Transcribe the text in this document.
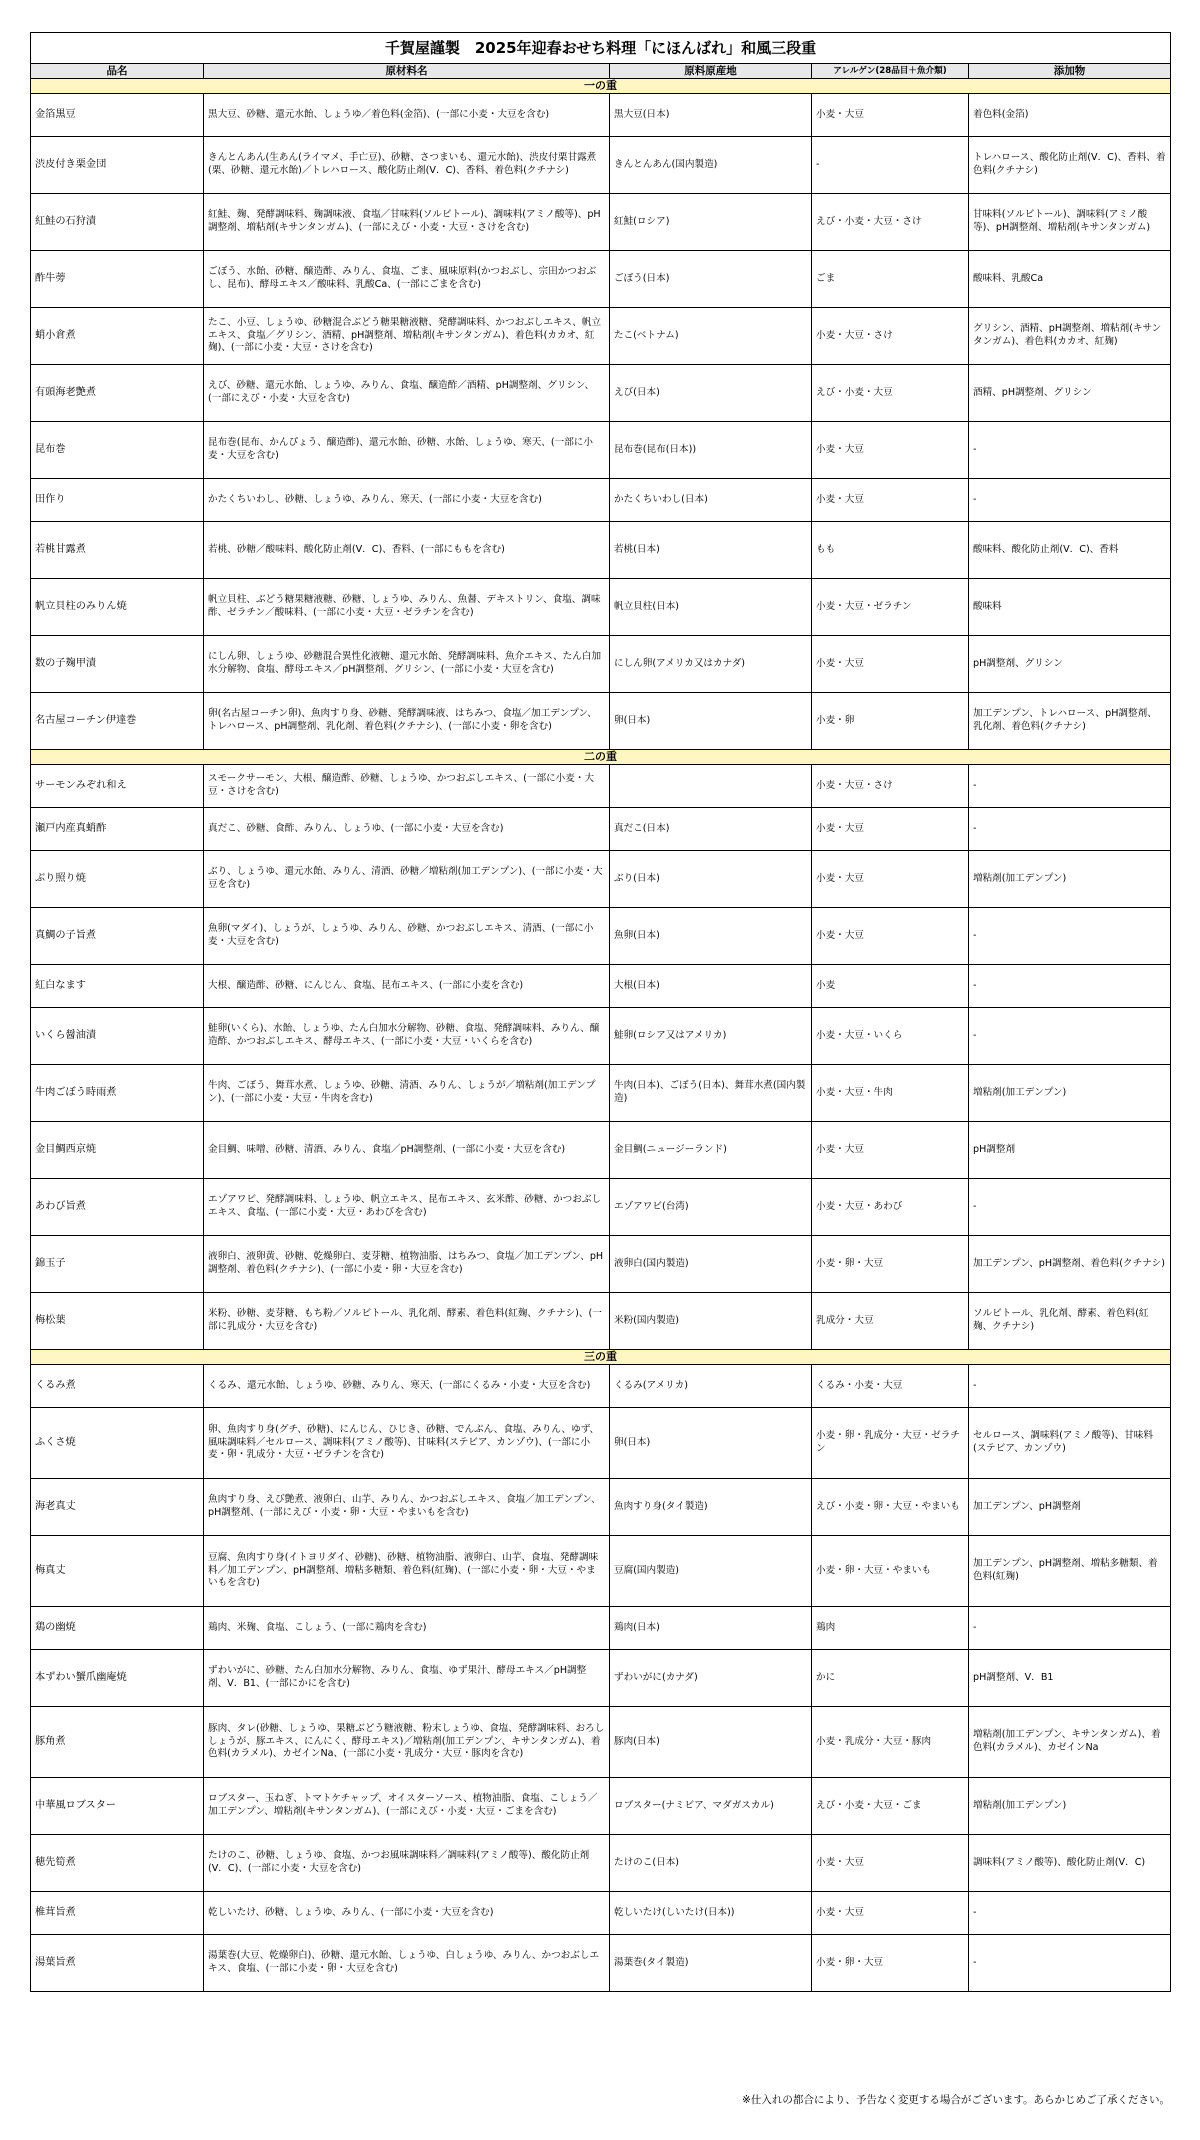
千賀屋謹製　2025年迎春おせち料理「にほんばれ」和風三段重				
品名	原材料名	原料原産地	アレルゲン(28品目＋魚介類)	添加物
一の重				
金箔黒豆	黒大豆、砂糖、還元水飴、しょうゆ／着色料(金箔)、(一部に小麦・大豆を含む)	黒大豆(日本)	小麦・大豆	着色料(金箔)
渋皮付き栗金団	きんとんあん(生あん(ライマメ、手亡豆)、砂糖、さつまいも、還元水飴)、渋皮付栗甘露煮(栗、砂糖、還元水飴)／トレハロース、酸化防止剤(V．C)、香料、着色料(クチナシ)	きんとんあん(国内製造)	-	トレハロース、酸化防止剤(V．C)、香料、着色料(クチナシ)
紅鮭の石狩漬	紅鮭、麹、発酵調味料、麹調味液、食塩／甘味料(ソルビトール)、調味料(アミノ酸等)、pH調整剤、増粘剤(キサンタンガム)、(一部にえび・小麦・大豆・さけを含む)	紅鮭(ロシア)	えび・小麦・大豆・さけ	甘味料(ソルビトール)、調味料(アミノ酸等)、pH調整剤、増粘剤(キサンタンガム)
酢牛蒡	ごぼう、水飴、砂糖、醸造酢、みりん、食塩、ごま、風味原料(かつおぶし、宗田かつおぶし、昆布)、酵母エキス／酸味料、乳酸Ca、(一部にごまを含む)	ごぼう(日本)	ごま	酸味料、乳酸Ca
蛸小倉煮	たこ、小豆、しょうゆ、砂糖混合ぶどう糖果糖液糖、発酵調味料、かつおぶしエキス、帆立エキス、食塩／グリシン、酒精、pH調整剤、増粘剤(キサンタンガム)、着色料(カカオ、紅麹)、(一部に小麦・大豆・さけを含む)	たこ(ベトナム)	小麦・大豆・さけ	グリシン、酒精、pH調整剤、増粘剤(キサンタンガム)、着色料(カカオ、紅麹)
有頭海老艶煮	えび、砂糖、還元水飴、しょうゆ、みりん、食塩、醸造酢／酒精、pH調整剤、グリシン、(一部にえび・小麦・大豆を含む)	えび(日本)	えび・小麦・大豆	酒精、pH調整剤、グリシン
昆布巻	昆布巻(昆布、かんぴょう、醸造酢)、還元水飴、砂糖、水飴、しょうゆ、寒天、(一部に小麦・大豆を含む)	昆布巻(昆布(日本))	小麦・大豆	-
田作り	かたくちいわし、砂糖、しょうゆ、みりん、寒天、(一部に小麦・大豆を含む)	かたくちいわし(日本)	小麦・大豆	-
若桃甘露煮	若桃、砂糖／酸味料、酸化防止剤(V．C)、香料、(一部にももを含む)	若桃(日本)	もも	酸味料、酸化防止剤(V．C)、香料
帆立貝柱のみりん焼	帆立貝柱、ぶどう糖果糖液糖、砂糖、しょうゆ、みりん、魚醤、デキストリン、食塩、調味酢、ゼラチン／酸味料、(一部に小麦・大豆・ゼラチンを含む)	帆立貝柱(日本)	小麦・大豆・ゼラチン	酸味料
数の子麹甲漬	にしん卵、しょうゆ、砂糖混合異性化液糖、還元水飴、発酵調味料、魚介エキス、たん白加水分解物、食塩、酵母エキス／pH調整剤、グリシン、(一部に小麦・大豆を含む)	にしん卵(アメリカ又はカナダ)	小麦・大豆	pH調整剤、グリシン
名古屋コーチン伊達巻	卵(名古屋コーチン卵)、魚肉すり身、砂糖、発酵調味液、はちみつ、食塩／加工デンプン、トレハロース、pH調整剤、乳化剤、着色料(クチナシ)、(一部に小麦・卵を含む)	卵(日本)	小麦・卵	加工デンプン、トレハロース、pH調整剤、乳化剤、着色料(クチナシ)
二の重				
サーモンみぞれ和え	スモークサーモン、大根、醸造酢、砂糖、しょうゆ、かつおぶしエキス、(一部に小麦・大豆・さけを含む)		小麦・大豆・さけ	-
瀬戸内産真蛸酢	真だこ、砂糖、食酢、みりん、しょうゆ、(一部に小麦・大豆を含む)	真だこ(日本)	小麦・大豆	-
ぶり照り焼	ぶり、しょうゆ、還元水飴、みりん、清酒、砂糖／増粘剤(加工デンプン)、(一部に小麦・大豆を含む)	ぶり(日本)	小麦・大豆	増粘剤(加工デンプン)
真鯛の子旨煮	魚卵(マダイ)、しょうが、しょうゆ、みりん、砂糖、かつおぶしエキス、清酒、(一部に小麦・大豆を含む)	魚卵(日本)	小麦・大豆	-
紅白なます	大根、醸造酢、砂糖、にんじん、食塩、昆布エキス、(一部に小麦を含む)	大根(日本)	小麦	-
いくら醤油漬	鮭卵(いくら)、水飴、しょうゆ、たん白加水分解物、砂糖、食塩、発酵調味料、みりん、醸造酢、かつおぶしエキス、酵母エキス、(一部に小麦・大豆・いくらを含む)	鮭卵(ロシア又はアメリカ)	小麦・大豆・いくら	-
牛肉ごぼう時雨煮	牛肉、ごぼう、舞茸水煮、しょうゆ、砂糖、清酒、みりん、しょうが／増粘剤(加工デンプン)、(一部に小麦・大豆・牛肉を含む)	牛肉(日本)、ごぼう(日本)、舞茸水煮(国内製造)	小麦・大豆・牛肉	増粘剤(加工デンプン)
金目鯛西京焼	金目鯛、味噌、砂糖、清酒、みりん、食塩／pH調整剤、(一部に小麦・大豆を含む)	金目鯛(ニュージーランド)	小麦・大豆	pH調整剤
あわび旨煮	エゾアワビ、発酵調味料、しょうゆ、帆立エキス、昆布エキス、玄米酢、砂糖、かつおぶしエキス、食塩、(一部に小麦・大豆・あわびを含む)	エゾアワビ(台湾)	小麦・大豆・あわび	-
錦玉子	液卵白、液卵黄、砂糖、乾燥卵白、麦芽糖、植物油脂、はちみつ、食塩／加工デンプン、pH調整剤、着色料(クチナシ)、(一部に小麦・卵・大豆を含む)	液卵白(国内製造)	小麦・卵・大豆	加工デンプン、pH調整剤、着色料(クチナシ)
梅松葉	米粉、砂糖、麦芽糖、もち粉／ソルビトール、乳化剤、酵素、着色料(紅麹、クチナシ)、(一部に乳成分・大豆を含む)	米粉(国内製造)	乳成分・大豆	ソルビトール、乳化剤、酵素、着色料(紅麹、クチナシ)
三の重				
くるみ煮	くるみ、還元水飴、しょうゆ、砂糖、みりん、寒天、(一部にくるみ・小麦・大豆を含む)	くるみ(アメリカ)	くるみ・小麦・大豆	-
ふくさ焼	卵、魚肉すり身(グチ、砂糖)、にんじん、ひじき、砂糖、でんぷん、食塩、みりん、ゆず、風味調味料／セルロース、調味料(アミノ酸等)、甘味料(ステビア、カンゾウ)、(一部に小麦・卵・乳成分・大豆・ゼラチンを含む)	卵(日本)	小麦・卵・乳成分・大豆・ゼラチン	セルロース、調味料(アミノ酸等)、甘味料(ステビア、カンゾウ)
海老真丈	魚肉すり身、えび艶煮、液卵白、山芋、みりん、かつおぶしエキス、食塩／加工デンプン、pH調整剤、(一部にえび・小麦・卵・大豆・やまいもを含む)	魚肉すり身(タイ製造)	えび・小麦・卵・大豆・やまいも	加工デンプン、pH調整剤
梅真丈	豆腐、魚肉すり身(イトヨリダイ、砂糖)、砂糖、植物油脂、液卵白、山芋、食塩、発酵調味料／加工デンプン、pH調整剤、増粘多糖類、着色料(紅麹)、(一部に小麦・卵・大豆・やまいもを含む)	豆腐(国内製造)	小麦・卵・大豆・やまいも	加工デンプン、pH調整剤、増粘多糖類、着色料(紅麹)
鶏の幽焼	鶏肉、米麹、食塩、こしょう、(一部に鶏肉を含む)	鶏肉(日本)	鶏肉	-
本ずわい蟹爪幽庵焼	ずわいがに、砂糖、たん白加水分解物、みりん、食塩、ゆず果汁、酵母エキス／pH調整剤、V．B1、(一部にかにを含む)	ずわいがに(カナダ)	かに	pH調整剤、V．B1
豚角煮	豚肉、タレ(砂糖、しょうゆ、果糖ぶどう糖液糖、粉末しょうゆ、食塩、発酵調味料、おろししょうが、豚エキス、にんにく、酵母エキス)／増粘剤(加工デンプン、キサンタンガム)、着色料(カラメル)、カゼインNa、(一部に小麦・乳成分・大豆・豚肉を含む)	豚肉(日本)	小麦・乳成分・大豆・豚肉	増粘剤(加工デンプン、キサンタンガム)、着色料(カラメル)、カゼインNa
中華風ロブスター	ロブスター、玉ねぎ、トマトケチャップ、オイスターソース、植物油脂、食塩、こしょう／加工デンプン、増粘剤(キサンタンガム)、(一部にえび・小麦・大豆・ごまを含む)	ロブスター(ナミビア、マダガスカル)	えび・小麦・大豆・ごま	増粘剤(加工デンプン)
穂先筍煮	たけのこ、砂糖、しょうゆ、食塩、かつお風味調味料／調味料(アミノ酸等)、酸化防止剤(V．C)、(一部に小麦・大豆を含む)	たけのこ(日本)	小麦・大豆	調味料(アミノ酸等)、酸化防止剤(V．C)
椎茸旨煮	乾しいたけ、砂糖、しょうゆ、みりん、(一部に小麦・大豆を含む)	乾しいたけ(しいたけ(日本))	小麦・大豆	-
湯葉旨煮	湯葉巻(大豆、乾燥卵白)、砂糖、還元水飴、しょうゆ、白しょうゆ、みりん、かつおぶしエキス、食塩、(一部に小麦・卵・大豆を含む)	湯葉巻(タイ製造)	小麦・卵・大豆	-
※仕入れの都合により、予告なく変更する場合がございます。あらかじめご了承ください。
